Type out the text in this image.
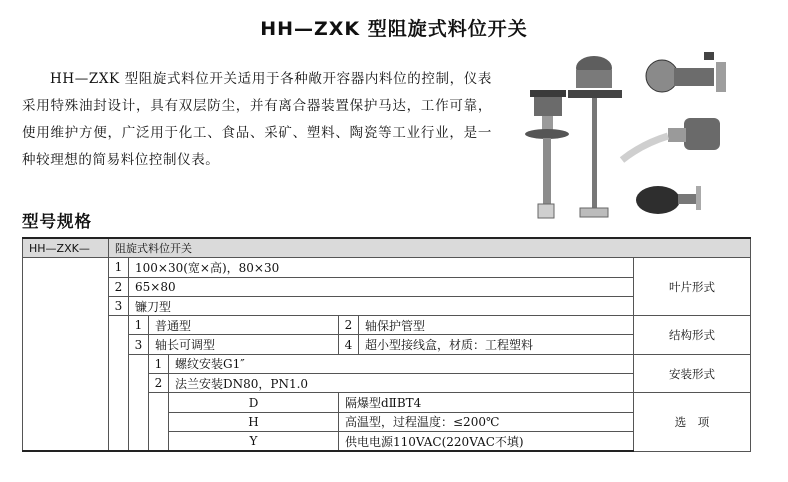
HH—ZXK 型阻旋式料位开关
HH—ZXK 型阻旋式料位开关适用于各种敞开容器内料位的控制，仪表采用特殊油封设计，具有双层防尘，并有离合器装置保护马达，工作可靠，使用维护方便，广泛用于化工、食品、采矿、塑料、陶瓷等工业行业，是一种较理想的简易料位控制仪表。
型号规格
HH—ZXK—	阻旋式料位开关						
	1	100×30(宽×高)，80×30					叶片形式
	2	65×80					
	3	镰刀型					
		1	普通型		2	轴保护管型	结构形式
		3	轴长可调型		4	超小型接线盒，材质：工程塑料	
			1	螺纹安装G1″			安装形式
			2	法兰安装DN80，PN1.0			
				D	隔爆型dⅡBT4		选　项
				H	高温型，过程温度：≤200℃		
				Y	供电电源110VAC(220VAC不填)		
